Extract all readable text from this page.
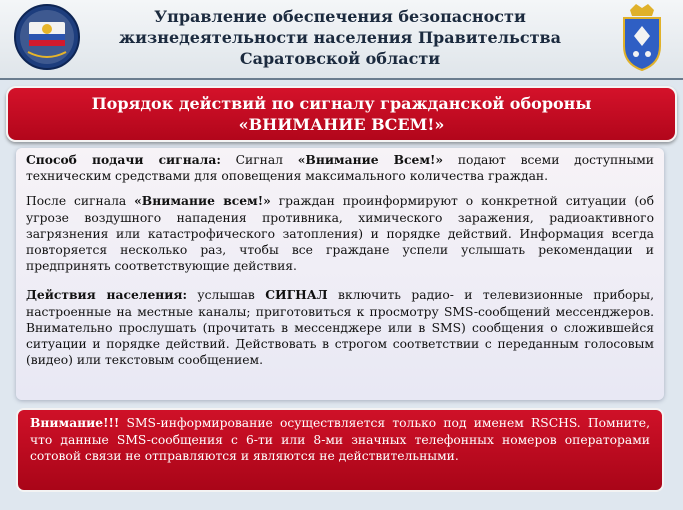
Управление обеспечения безопасности
жизнедеятельности населения Правительства
Саратовской области
Порядок действий по сигналу гражданской обороны
«ВНИМАНИЕ ВСЕМ!»

Способ подачи сигнала: Сигнал «Внимание Всем!» подают всеми доступными техническим средствами для оповещения максимального количества граждан.

После сигнала «Внимание всем!» граждан проинформируют о конкретной ситуации (об угрозе воздушного нападения противника, химического заражения, радиоактивного загрязнения или катастрофического затопления) и порядке действий. Информация всегда повторяется несколько раз, чтобы все граждане успели услышать рекомендации и предпринять соответствующие действия.

Действия населения: услышав СИГНАЛ включить радио- и телевизионные приборы, настроенные на местные каналы; приготовиться к просмотру SMS-сообщений мессенджеров. Внимательно прослушать (прочитать в мессенджере или в SMS) сообщения о сложившейся ситуации и порядке действий. Действовать в строгом соответствии с переданным голосовым (видео) или текстовым сообщением.

Внимание!!! SMS-информирование осуществляется только под именем RSCHS. Помните, что данные SMS-сообщения с 6-ти или 8-ми значных телефонных номеров операторами сотовой связи не отправляются и являются не действительными.
